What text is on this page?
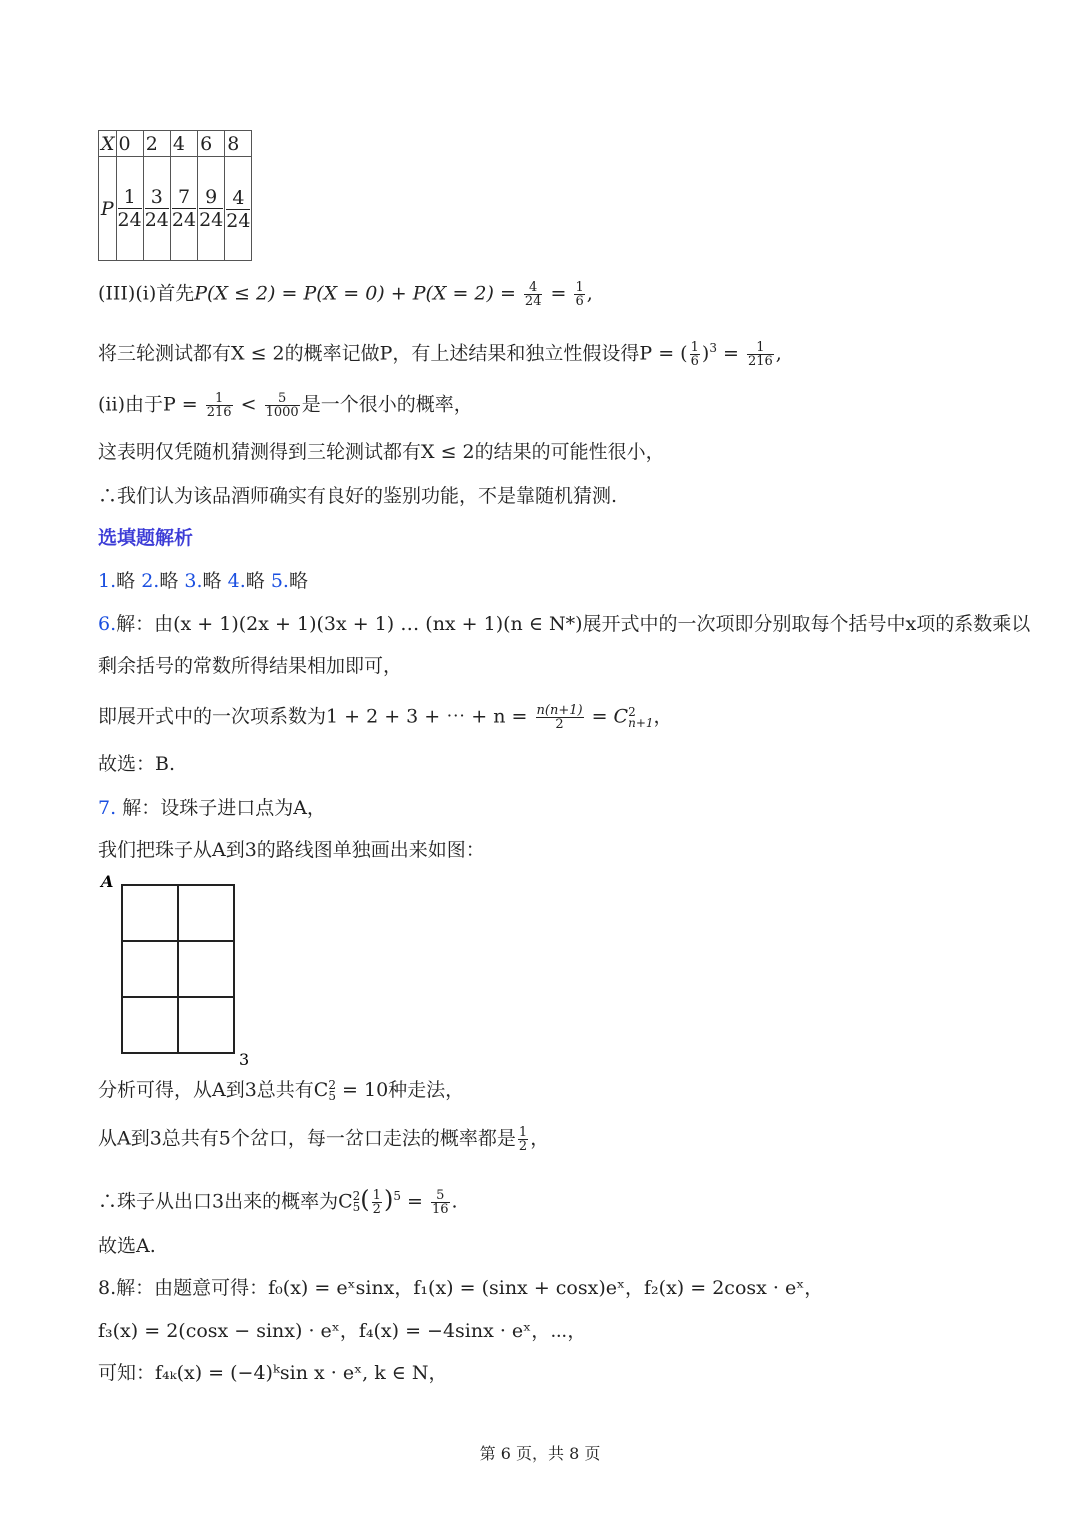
X	0	2	4	6	8
P	$\frac{1}{24}$	$\frac{3}{24}$	$\frac{7}{24}$	$\frac{9}{24}$	$\frac{4}{24}$
(III)(i)首先$P(X \le 2) = P(X = 0) + P(X = 2) = \frac{4}{24} = \frac{1}{6}$ ,
将三轮测试都有X ≤ 2的概率记做P，有上述结果和独立性假设得P = ( $\frac{1}{6} )^3 = \frac{1}{216}$ ,
(ii)由于$P = \frac{1}{216} < \frac{5}{1000}$ 是一个很小的概率，
这表明仅凭随机猜测得到三轮测试都有X ≤ 2的结果的可能性很小，
∴我们认为该品酒师确实有良好的鉴别功能，不是靠随机猜测.
选填题解析
1.略 2.略 3.略 4.略 5.略
6.解：由(x + 1)(2x + 1)(3x + 1) … (nx + 1)(n ∈ N*)展开式中的一次项即分别取每个括号中x项的系数乘以
剩余括号的常数所得结果相加即可，
即展开式中的一次项系数为1 + 2 + 3 + ⋯ + $n = \frac{n(n+1)}{2} = C$ 2
n+1 ，
故选：B.
7. 解：设珠子进口点为A，
我们把珠子从A到3的路线图单独画出来如图：
A
3
分析可得，从A到3总共有C 2
5 = 10种走法，
从A到3总共有5个岔口，每一岔口走法的概率都是 $\frac{1}{2}$ ，
∴珠子从出口3出来的概率为C 2
5 ( $\frac{1}{2} )^5 = \frac{5}{16}$ .
故选A.
8.解：由题意可得：f₀(x) = eˣsinx，f₁(x) = (sinx + cosx)eˣ，f₂(x) = 2cosx · eˣ，
f₃(x) = 2(cosx − sinx) · eˣ，f₄(x) = −4sinx · eˣ，⋯，
可知：f₄ₖ(x) = (−4)ᵏsin x · eˣ, k ∈ N，
第 6 页，共 8 页
